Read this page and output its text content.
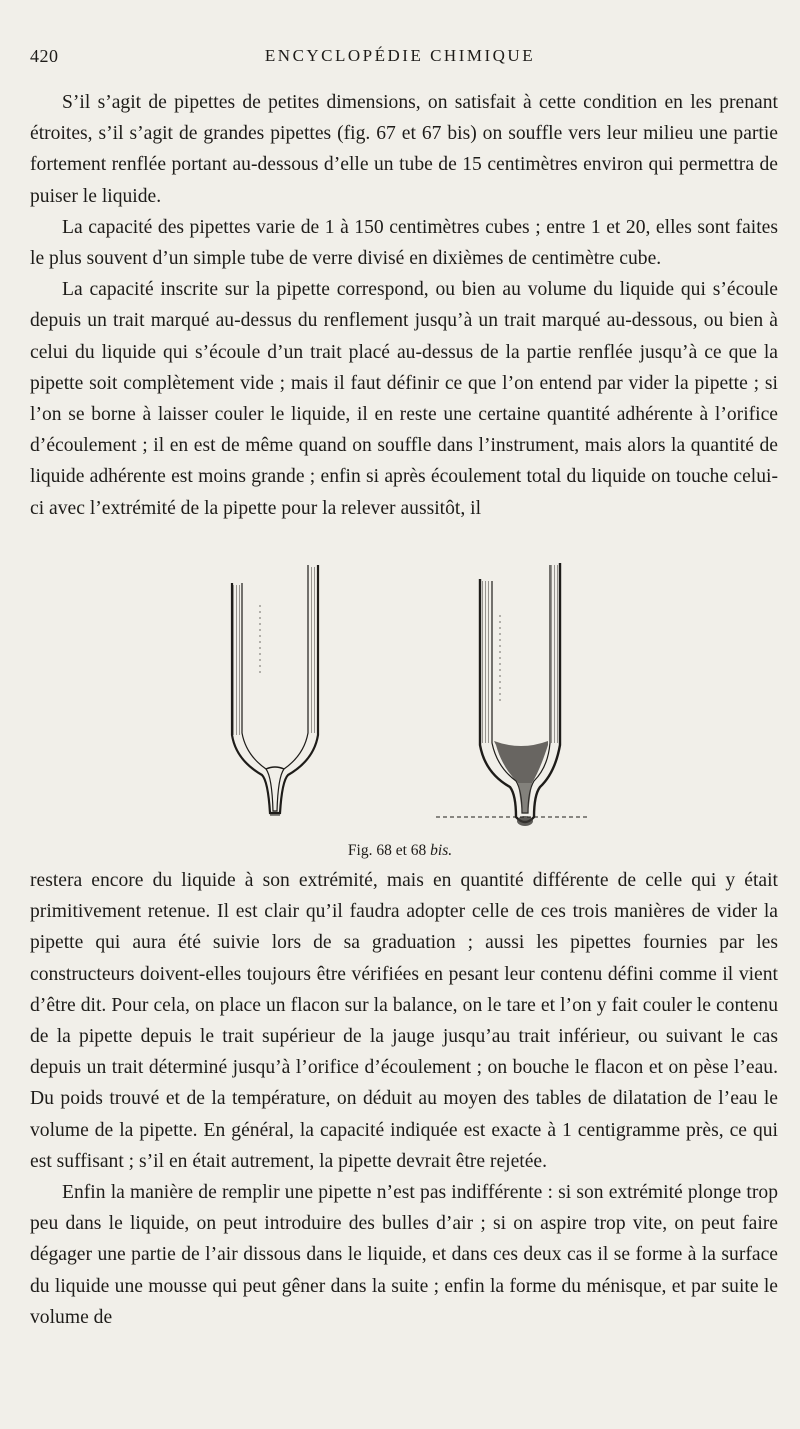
420	ENCYCLOPÉDIE CHIMIQUE

S’il s’agit de pipettes de petites dimensions, on satisfait à cette condition en les prenant étroites, s’il s’agit de grandes pipettes (fig. 67 et 67 bis) on souffle vers leur milieu une partie fortement renflée portant au-dessous d’elle un tube de 15 centimètres environ qui permettra de puiser le liquide.

La capacité des pipettes varie de 1 à 150 centimètres cubes ; entre 1 et 20, elles sont faites le plus souvent d’un simple tube de verre divisé en dixièmes de centimètre cube.

La capacité inscrite sur la pipette correspond, ou bien au volume du liquide qui s’écoule depuis un trait marqué au-dessus du renflement jusqu’à un trait marqué au-dessous, ou bien à celui du liquide qui s’écoule d’un trait placé au-dessus de la partie renflée jusqu’à ce que la pipette soit complètement vide ; mais il faut définir ce que l’on entend par vider la pipette ; si l’on se borne à laisser couler le liquide, il en reste une certaine quantité adhérente à l’orifice d’écoulement ; il en est de même quand on souffle dans l’instrument, mais alors la quantité de liquide adhérente est moins grande ; enfin si après écoulement total du liquide on touche celui-ci avec l’extrémité de la pipette pour la relever aussitôt, il

Fig. 68 et 68 bis.

restera encore du liquide à son extrémité, mais en quantité différente de celle qui y était primitivement retenue. Il est clair qu’il faudra adopter celle de ces trois manières de vider la pipette qui aura été suivie lors de sa graduation ; aussi les pipettes fournies par les constructeurs doivent-elles toujours être vérifiées en pesant leur contenu défini comme il vient d’être dit. Pour cela, on place un flacon sur la balance, on le tare et l’on y fait couler le contenu de la pipette depuis le trait supérieur de la jauge jusqu’au trait inférieur, ou suivant le cas depuis un trait déterminé jusqu’à l’orifice d’écoulement ; on bouche le flacon et on pèse l’eau. Du poids trouvé et de la température, on déduit au moyen des tables de dilatation de l’eau le volume de la pipette. En général, la capacité indiquée est exacte à 1 centigramme près, ce qui est suffisant ; s’il en était autrement, la pipette devrait être rejetée.

Enfin la manière de remplir une pipette n’est pas indifférente : si son extrémité plonge trop peu dans le liquide, on peut introduire des bulles d’air ; si on aspire trop vite, on peut faire dégager une partie de l’air dissous dans le liquide, et dans ces deux cas il se forme à la surface du liquide une mousse qui peut gêner dans la suite ; enfin la forme du ménisque, et par suite le volume de
